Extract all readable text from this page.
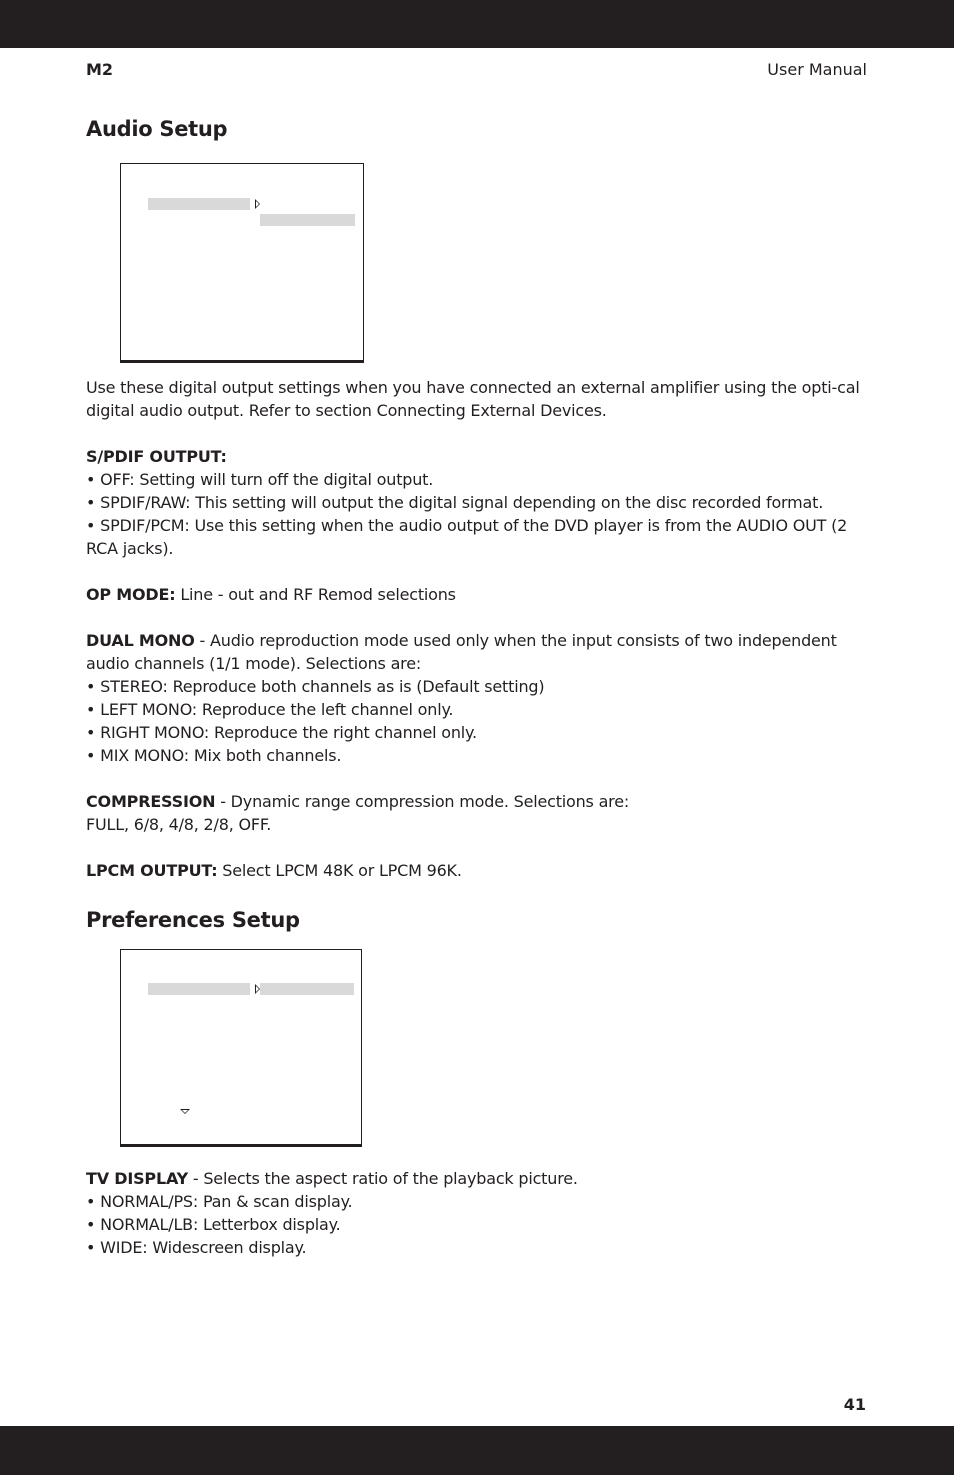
M2	User Manual
Audio Setup

Use these digital output settings when you have connected an external amplifier using the opti-cal digital audio output. Refer to section Connecting External Devices.

S/PDIF OUTPUT:

• OFF: Setting will turn off the digital output.

• SPDIF/RAW: This setting will output the digital signal depending on the disc recorded format.

• SPDIF/PCM: Use this setting when the audio output of the DVD player is from the AUDIO OUT (2 RCA jacks).

OP MODE: Line - out and RF Remod selections

DUAL MONO - Audio reproduction mode used only when the input consists of two independent audio channels (1/1 mode). Selections are:

• STEREO: Reproduce both channels as is (Default setting)

• LEFT MONO: Reproduce the left channel only.

• RIGHT MONO: Reproduce the right channel only.

• MIX MONO: Mix both channels.

COMPRESSION - Dynamic range compression mode. Selections are:

FULL, 6/8, 4/8, 2/8, OFF.

LPCM OUTPUT: Select LPCM 48K or LPCM 96K.

Preferences Setup

TV DISPLAY - Selects the aspect ratio of the playback picture.

• NORMAL/PS: Pan & scan display.

• NORMAL/LB: Letterbox display.

• WIDE: Widescreen display.

41
